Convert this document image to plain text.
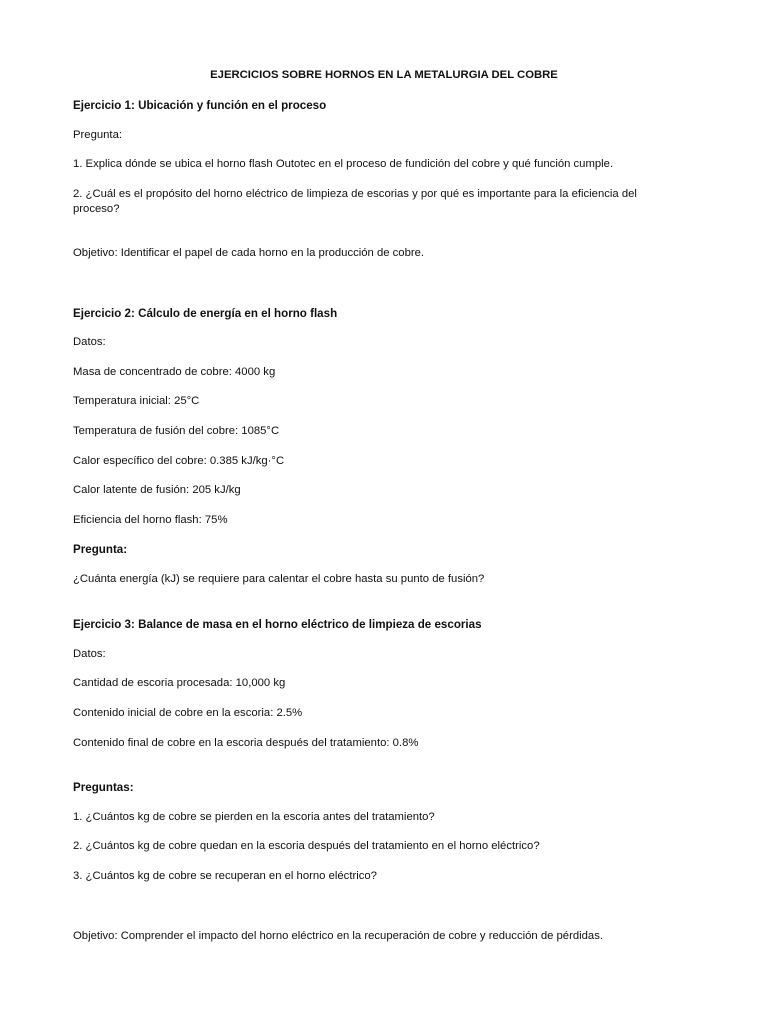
EJERCICIOS SOBRE HORNOS EN LA METALURGIA DEL COBRE
Ejercicio 1: Ubicación y función en el proceso
Pregunta:
1. Explica dónde se ubica el horno flash Outotec en el proceso de fundición del cobre y qué función cumple.
2. ¿Cuál es el propósito del horno eléctrico de limpieza de escorias y por qué es importante para la eficiencia del proceso?
Objetivo: Identificar el papel de cada horno en la producción de cobre.
Ejercicio 2: Cálculo de energía en el horno flash
Datos:
Masa de concentrado de cobre: 4000 kg
Temperatura inicial: 25°C
Temperatura de fusión del cobre: 1085°C
Calor específico del cobre: 0.385 kJ/kg·°C
Calor latente de fusión: 205 kJ/kg
Eficiencia del horno flash: 75%
Pregunta:
¿Cuánta energía (kJ) se requiere para calentar el cobre hasta su punto de fusión?
Ejercicio 3: Balance de masa en el horno eléctrico de limpieza de escorias
Datos:
Cantidad de escoria procesada: 10,000 kg
Contenido inicial de cobre en la escoria: 2.5%
Contenido final de cobre en la escoria después del tratamiento: 0.8%
Preguntas:
1. ¿Cuántos kg de cobre se pierden en la escoria antes del tratamiento?
2. ¿Cuántos kg de cobre quedan en la escoria después del tratamiento en el horno eléctrico?
3. ¿Cuántos kg de cobre se recuperan en el horno eléctrico?
Objetivo: Comprender el impacto del horno eléctrico en la recuperación de cobre y reducción de pérdidas.
